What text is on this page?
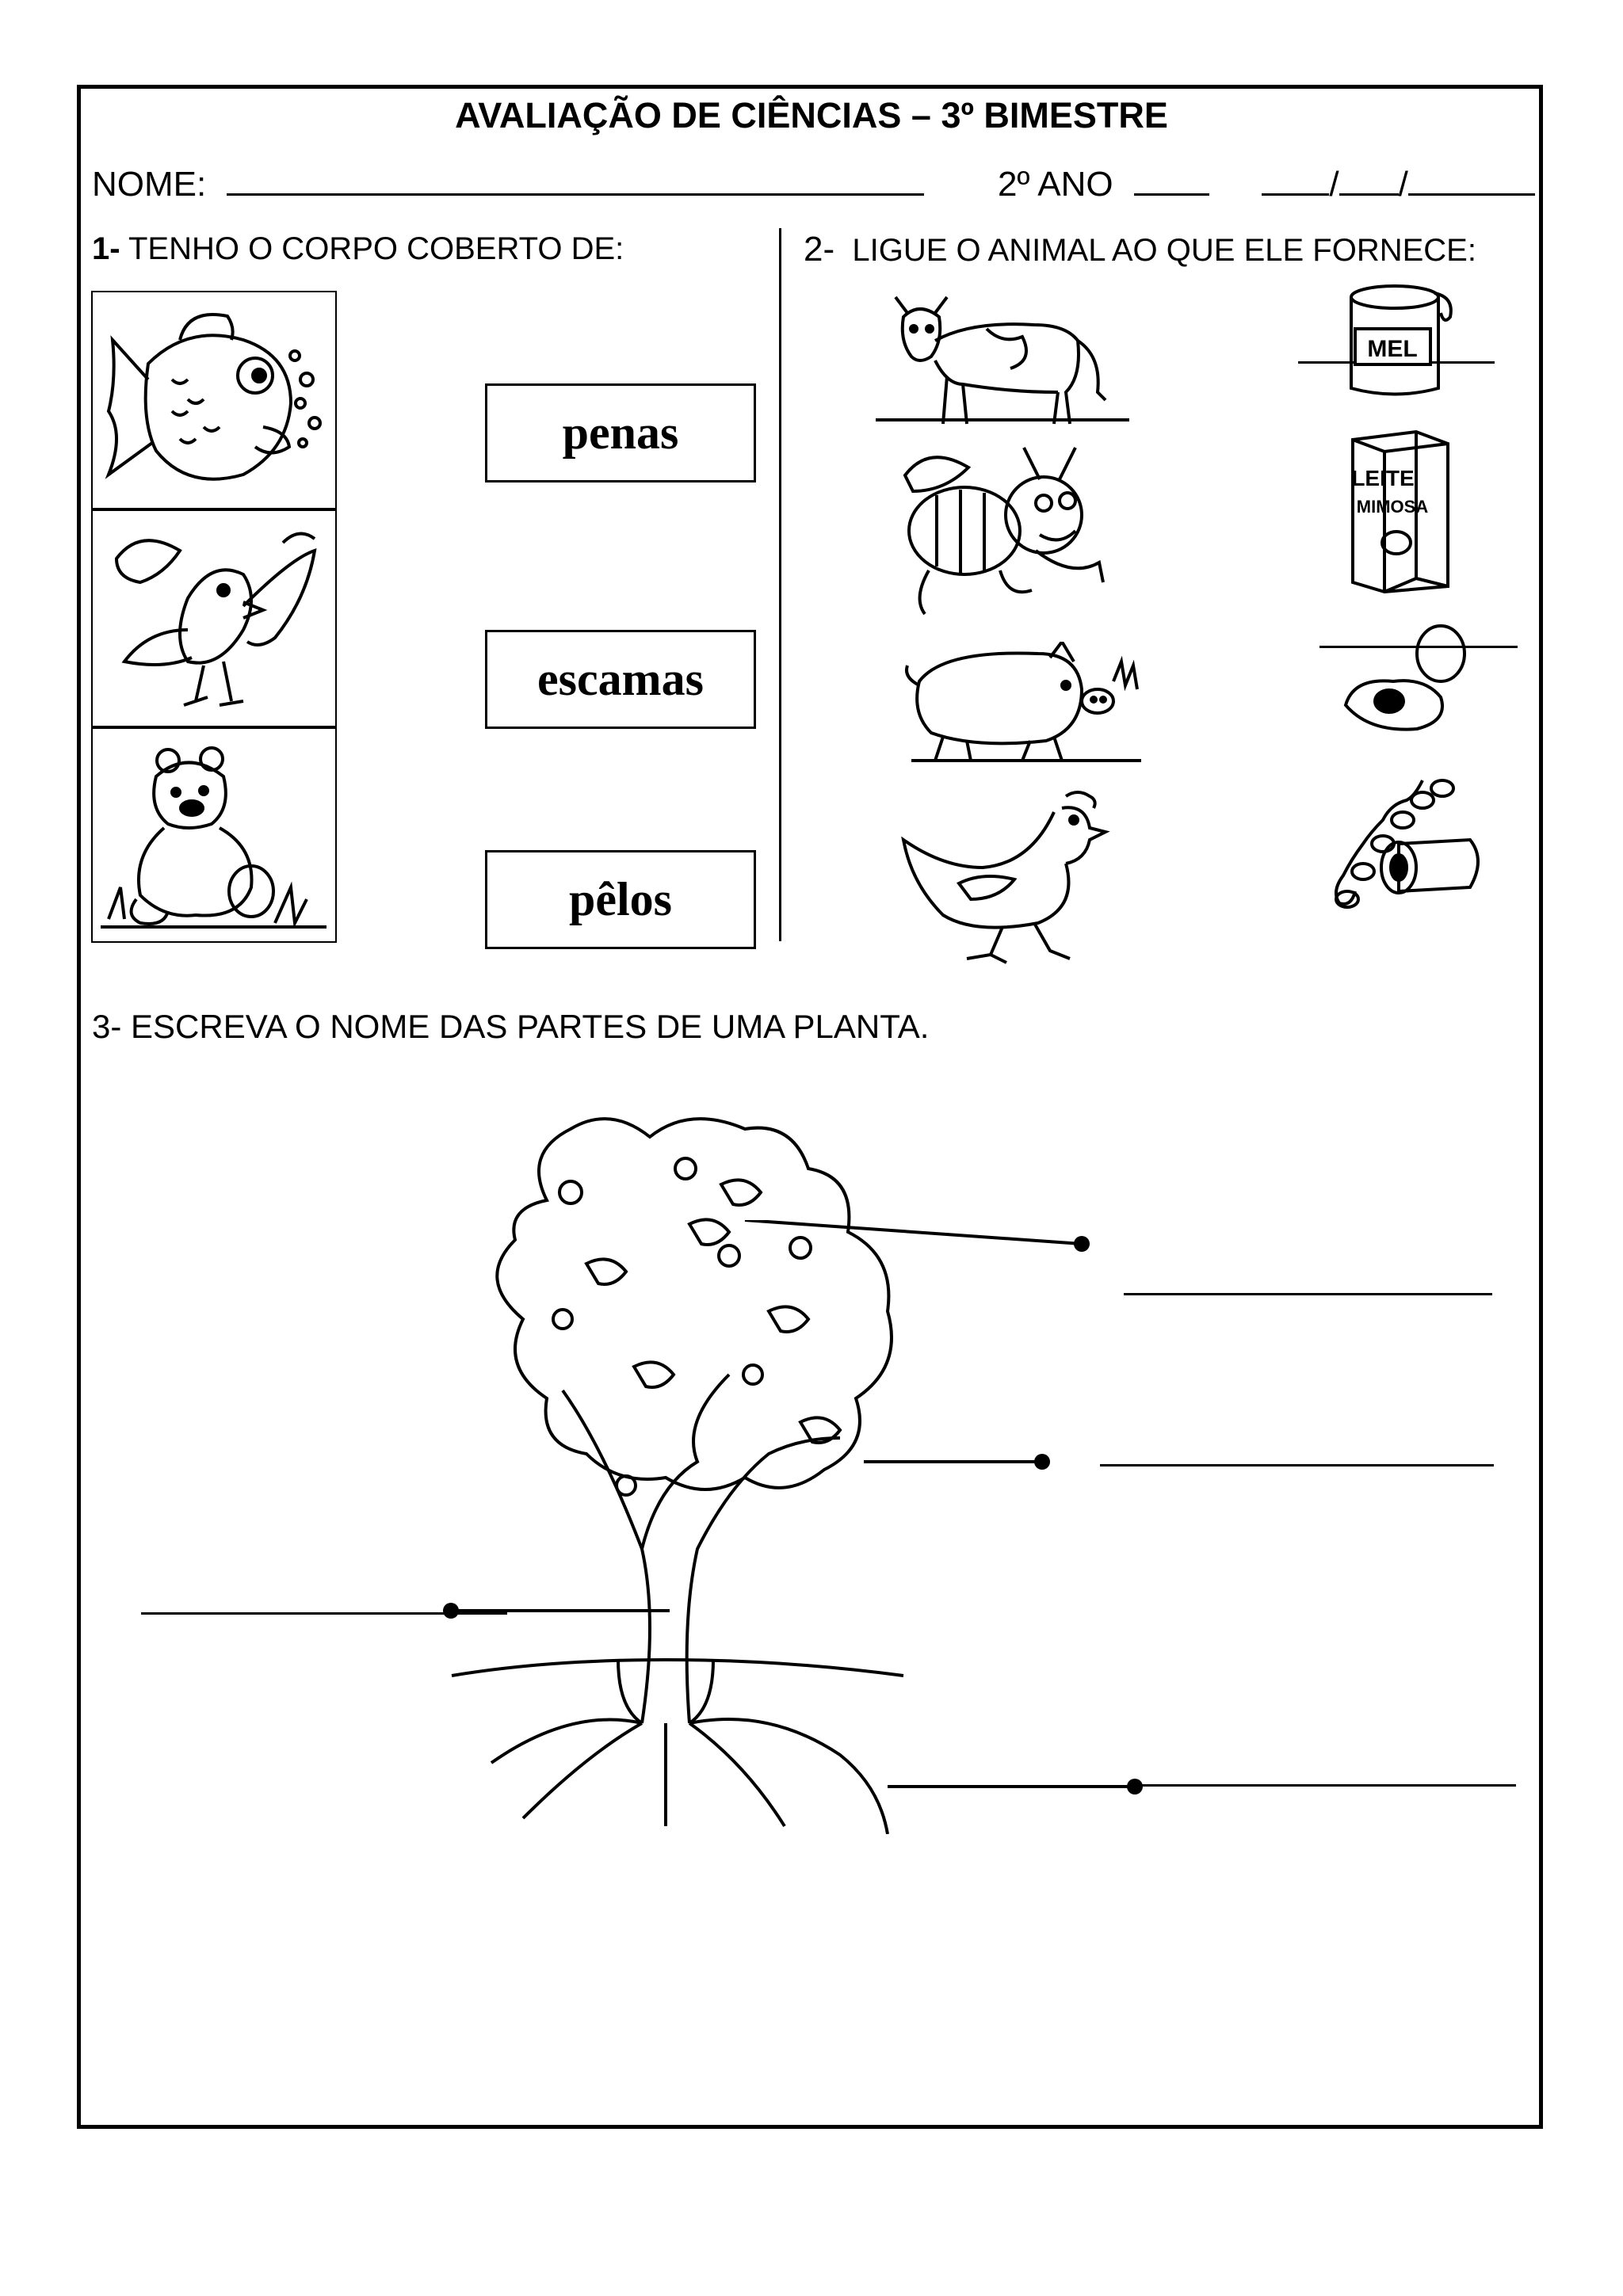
AVALIAÇÃO DE CIÊNCIAS – 3º BIMESTRE
NOME:	2º ANO	/ /
1- TENHO O CORPO COBERTO DE:
penas
escamas
pêlos
2- LIGUE O ANIMAL AO QUE ELE FORNECE:
MEL
LEITE
MIMOSA
3- ESCREVA O NOME DAS PARTES DE UMA PLANTA.
